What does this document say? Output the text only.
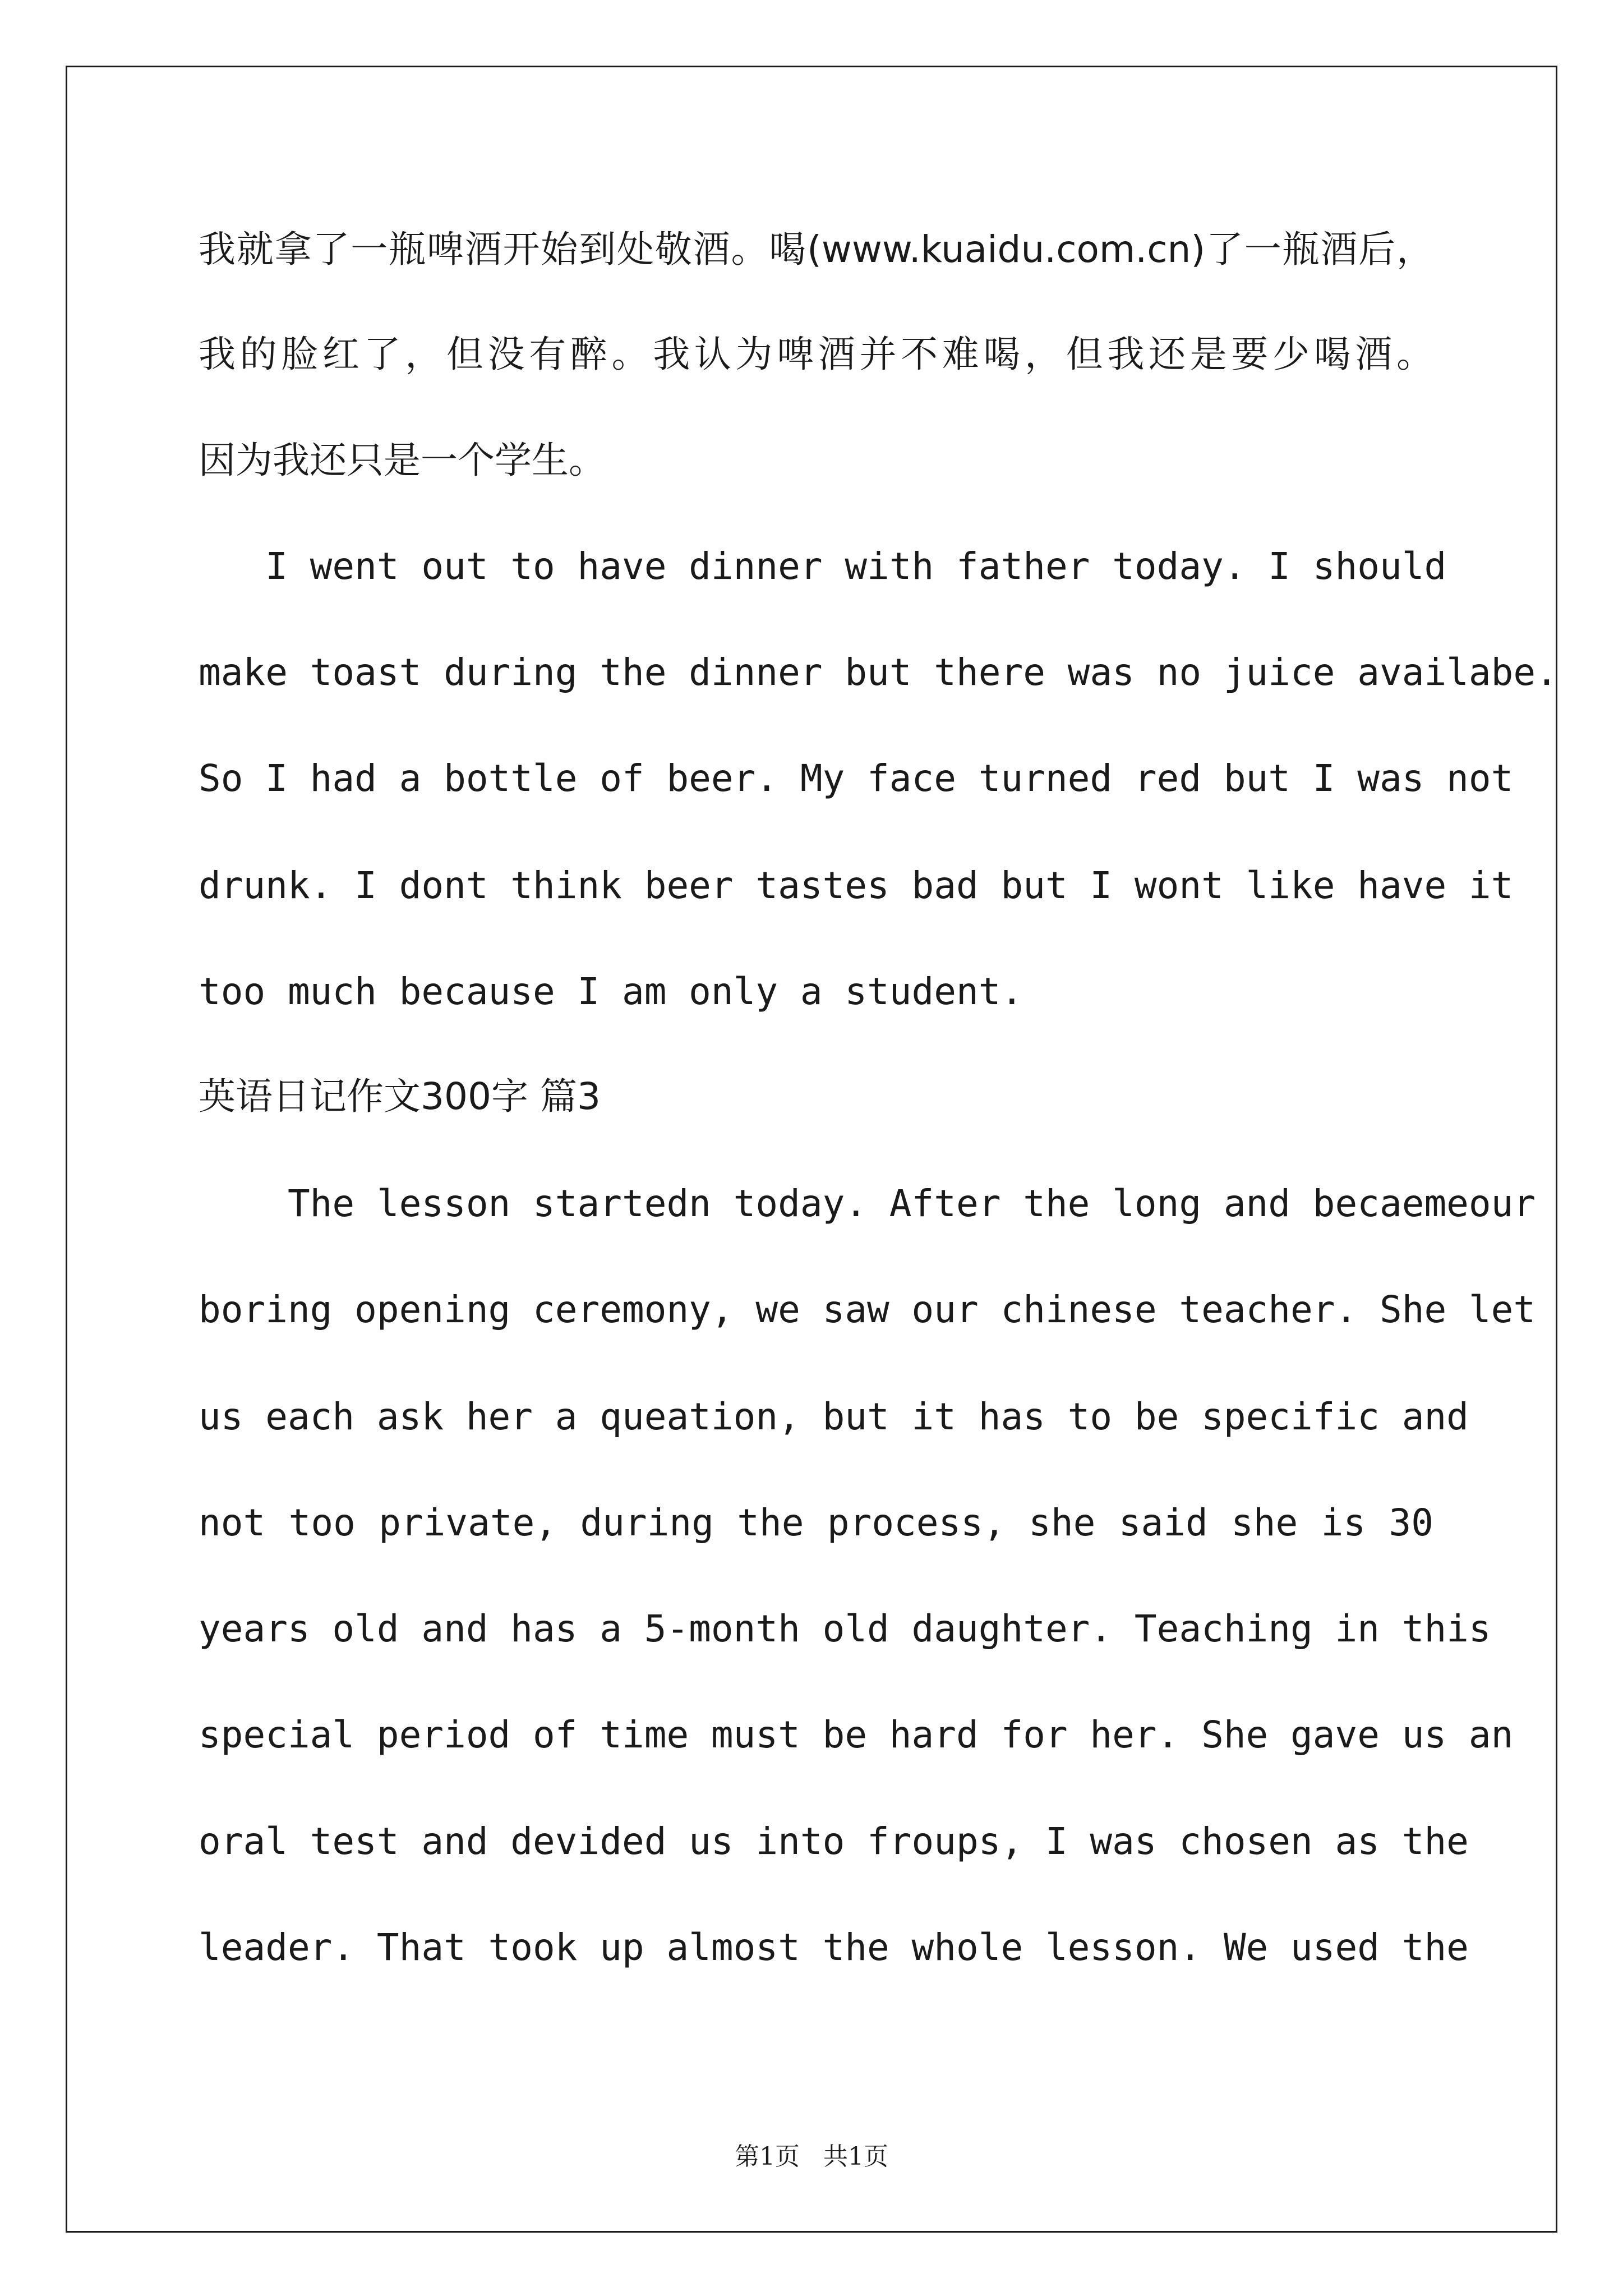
我就拿了一瓶啤酒开始到处敬酒。喝(www.kuaidu.com.cn)了一瓶酒后，

我的脸红了，但没有醉。我认为啤酒并不难喝，但我还是要少喝酒。

因为我还只是一个学生。

I went out to have dinner with father today. I should

make toast during the dinner but there was no juice availabe.

So I had a bottle of beer. My face turned red but I was not

drunk. I dont think beer tastes bad but I wont like have it

too much because I am only a student.

英语日记作文300字 篇3

The lesson startedn today. After the long and becaemeour

boring opening ceremony, we saw our chinese teacher. She let

us each ask her a queation, but it has to be specific and

not too private, during the process, she said she is 30

years old and has a 5-month old daughter. Teaching in this

special period of time must be hard for her. She gave us an

oral test and devided us into froups, I was chosen as the

leader. That took up almost the whole lesson. We used the

第1页   共1页
